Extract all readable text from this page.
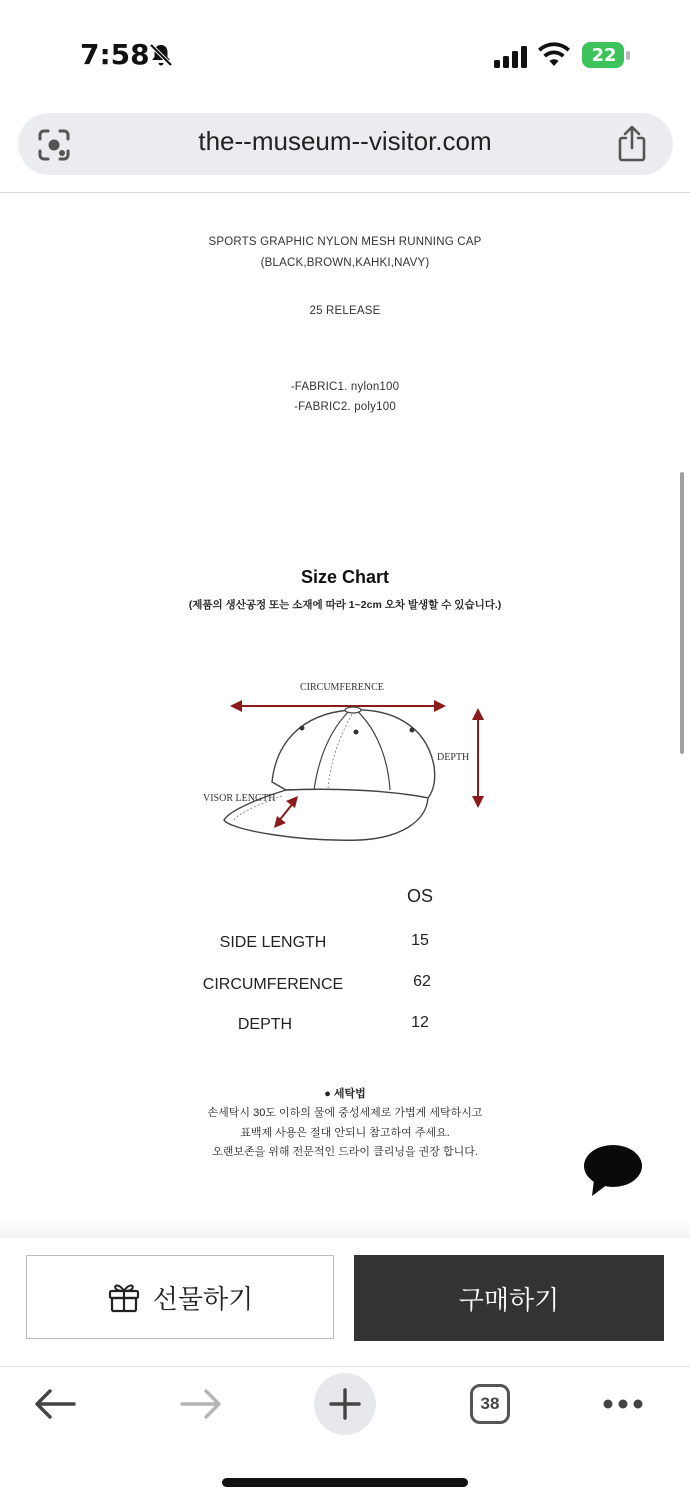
7:58	22
the--museum--visitor.com
SPORTS GRAPHIC NYLON MESH RUNNING CAP
(BLACK,BROWN,KAHKI,NAVY)
25 RELEASE
-FABRIC1. nylon100
-FABRIC2. poly100
Size Chart
(제품의 생산공정 또는 소재에 따라 1~2cm 오차 발생할 수 있습니다.)
CIRCUMFERENCE
DEPTH
VISOR LENGTH
OS
SIDE LENGTH	15
CIRCUMFERENCE	62
DEPTH	12
● 세탁법
손세탁시 30도 이하의 물에 중성세제로 가볍게 세탁하시고
표백제 사용은 절대 안되니 참고하여 주세요.
오랜보존을 위해 전문적인 드라이 클리닝을 권장 합니다.
선물하기	구매하기
38
